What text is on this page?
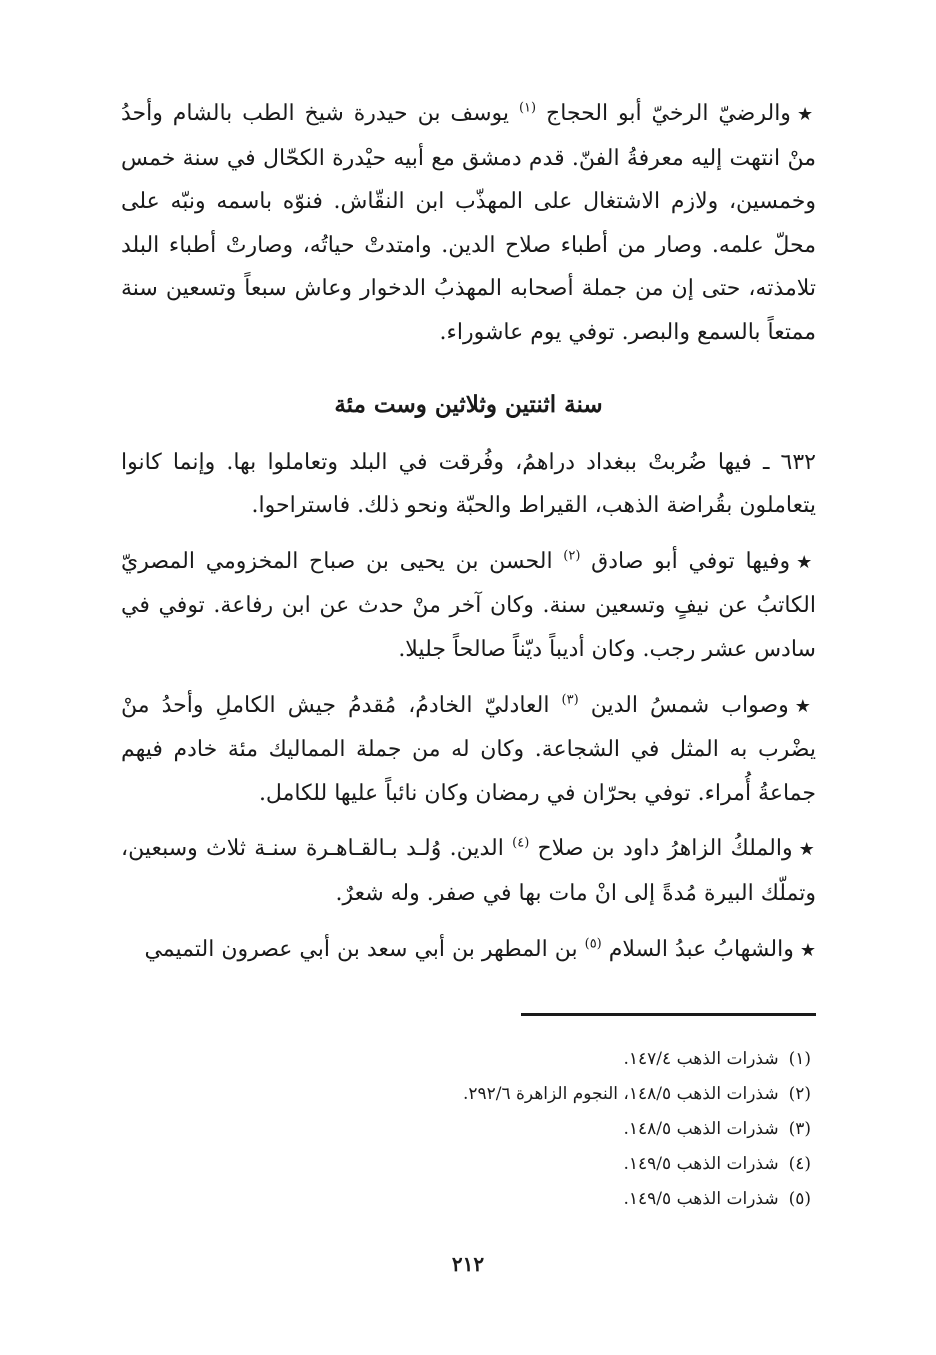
★والرضيّ الرخيّ أبو الحجاج $^{(١)}$ يوسف بن حيدرة شيخ الطب بالشام وأحدُ منْ انتهت إليه معرفةُ الفنّ. قدم دمشق مع أبيه حيْدرة الكحّال في سنة خمس وخمسين، ولازم الاشتغال على المهذّب ابن النقّاش. فنوّه باسمه ونبّه على محلّ علمه. وصار من أطباء صلاح الدين. وامتدتْ حياتُه، وصارتْ أطباء البلد تلامذته، حتى إن من جملة أصحابه المهذبُ الدخوار وعاش سبعاً وتسعين سنة ممتعاً بالسمع والبصر. توفي يوم عاشوراء.

سنة اثنتين وثلاثين وست مئة

٦٣٢ ـ فيها ضُربتْ ببغداد دراهمُ، وفُرقت في البلد وتعاملوا بها. وإنما كانوا يتعاملون بقُراضة الذهب، القيراط والحبّة ونحو ذلك. فاستراحوا.

★وفيها توفي أبو صادق $^{(٢)}$ الحسن بن يحيى بن صباح المخزومي المصريّ الكاتبُ عن نيفٍ وتسعين سنة. وكان آخر منْ حدث عن ابن رفاعة. توفي في سادس عشر رجب. وكان أديباً ديّناً صالحاً جليلا.

★وصواب شمسُ الدين $^{(٣)}$ العادليّ الخادمُ، مُقدمُ جيش الكاملِ وأحدُ منْ يضْرب به المثل في الشجاعة. وكان له من جملة المماليك مئة خادم فيهم جماعةُ أُمراء. توفي بحرّان في رمضان وكان نائباً عليها للكامل.

★والملكُ الزاهرُ داود بن صلاح $^{(٤)}$ الدين. وُلـد بـالقـاهـرة سنـة ثلاث وسبعين، وتملّك البيرة مُدةً إلى انْ مات بها في صفر. وله شعرٌ.

★والشهابُ عبدُ السلام $^{(٥)}$ بن المطهر بن أبي سعد بن أبي عصرون التميمي

(١)شذرات الذهب ١٤٧/٤.
(٢)شذرات الذهب ١٤٨/٥، النجوم الزاهرة ٢٩٢/٦.
(٣)شذرات الذهب ١٤٨/٥.
(٤)شذرات الذهب ١٤٩/٥.
(٥)شذرات الذهب ١٤٩/٥.
٢١٢
